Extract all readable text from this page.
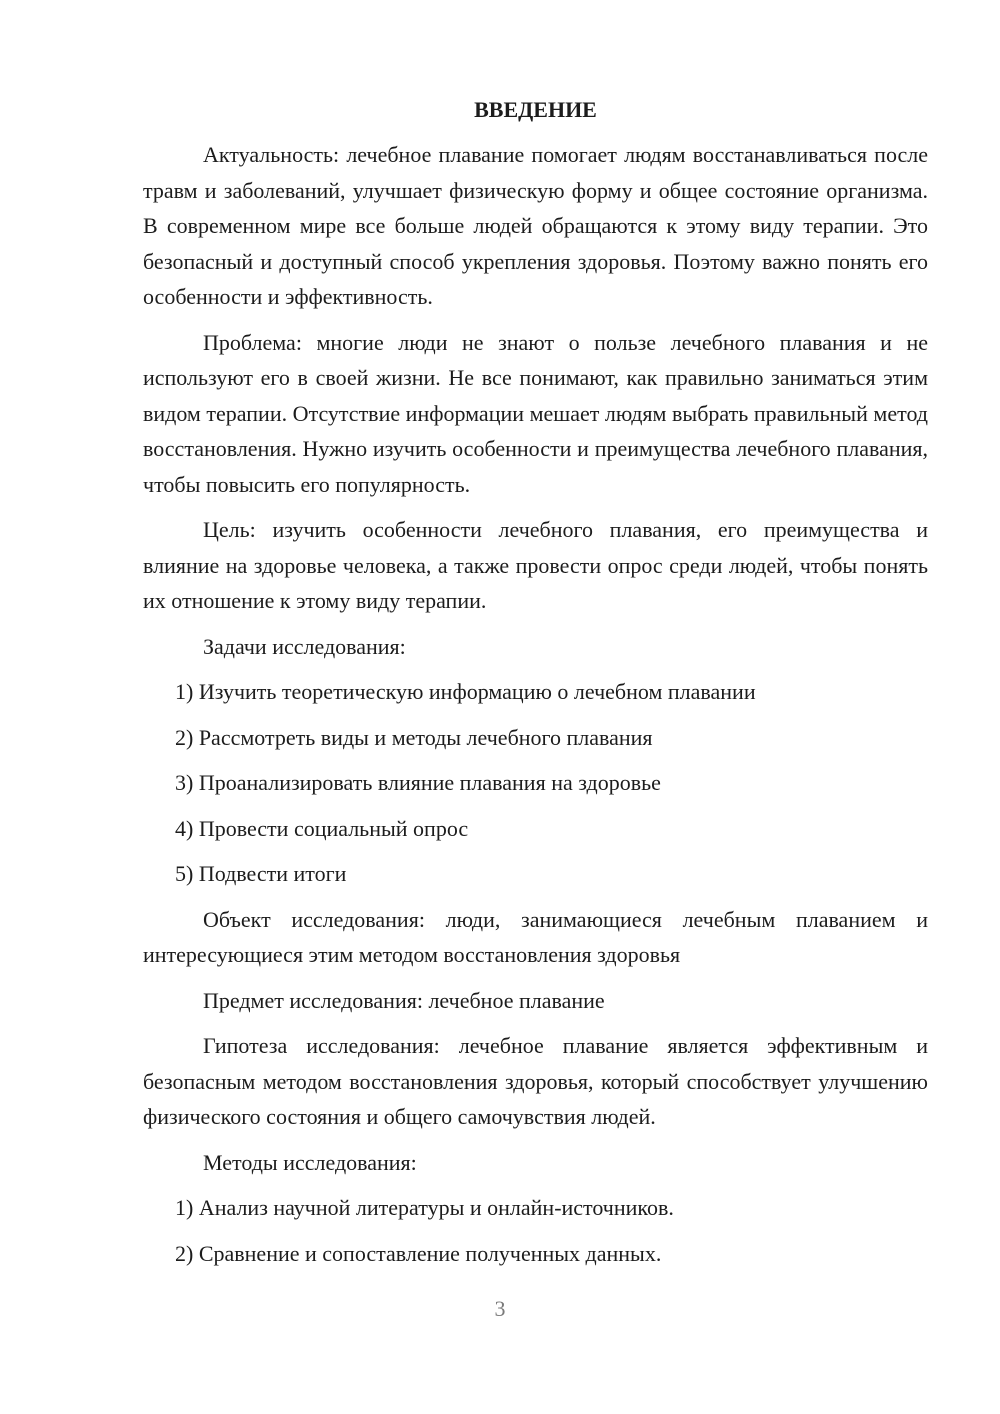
ВВЕДЕНИЕ

Актуальность: лечебное плавание помогает людям восстанавливаться после травм и заболеваний, улучшает физическую форму и общее состояние организма. В современном мире все больше людей обращаются к этому виду терапии. Это безопасный и доступный способ укрепления здоровья. Поэтому важно понять его особенности и эффективность.

Проблема: многие люди не знают о пользе лечебного плавания и не используют его в своей жизни. Не все понимают, как правильно заниматься этим видом терапии. Отсутствие информации мешает людям выбрать правильный метод восстановления. Нужно изучить особенности и преимущества лечебного плавания, чтобы повысить его популярность.

Цель: изучить особенности лечебного плавания, его преимущества и влияние на здоровье человека, а также провести опрос среди людей, чтобы понять их отношение к этому виду терапии.

Задачи исследования:

1) Изучить теоретическую информацию о лечебном плавании
2) Рассмотреть виды и методы лечебного плавания
3) Проанализировать влияние плавания на здоровье
4) Провести социальный опрос
5) Подвести итоги

Объект исследования: люди, занимающиеся лечебным плаванием и интересующиеся этим методом восстановления здоровья

Предмет исследования: лечебное плавание

Гипотеза исследования: лечебное плавание является эффективным и безопасным методом восстановления здоровья, который способствует улучшению физического состояния и общего самочувствия людей.

Методы исследования:

1) Анализ научной литературы и онлайн-источников.
2) Сравнение и сопоставление полученных данных.
3
